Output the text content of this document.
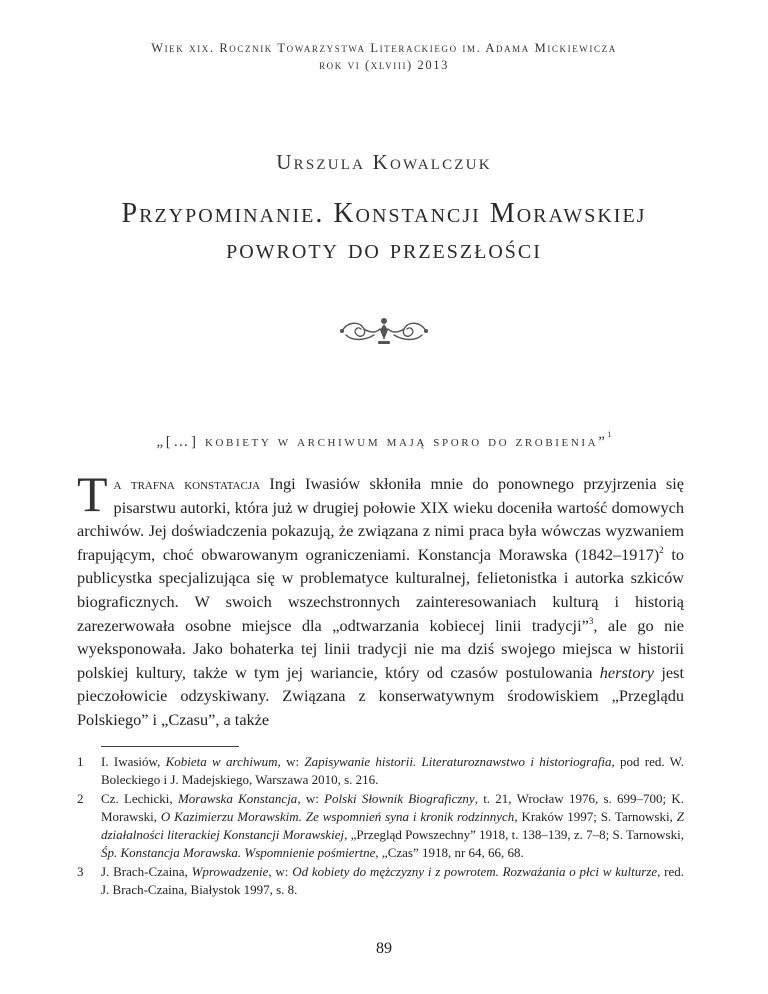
Wiek xix. Rocznik Towarzystwa Literackiego im. Adama Mickiewicza
rok vi (xlviii) 2013
Urszula Kowalczuk
Przypominanie. Konstancji Morawskiej
powroty do przeszłości
„[…] kobiety w archiwum mają sporo do zrobienia”$^1$

Ta trafna konstatacja Ingi Iwasiów skłoniła mnie do ponownego przyjrzenia się pisarstwu autorki, która już w drugiej połowie XIX wieku doceniła wartość domowych archiwów. Jej doświadczenia pokazują, że związana z nimi praca była wówczas wyzwaniem frapującym, choć obwarowanym ograniczeniami. Konstancja Morawska (1842–1917)$^2$ to publicystka specjalizująca się w problematyce kulturalnej, felietonistka i autorka szkiców biograficznych. W swoich wszechstronnych zainteresowaniach kulturą i historią zarezerwowała osobne miejsce dla „odtwarzania kobiecej linii tradycji”$^3$, ale go nie wyeksponowała. Jako bohaterka tej linii tradycji nie ma dziś swojego miejsca w historii polskiej kultury, także w tym jej wariancie, który od czasów postulowania herstory jest pieczołowicie odzyskiwany. Związana z konserwatywnym środowiskiem „Przeglądu Polskiego” i „Czasu”, a także

1	I. Iwasiów, Kobieta w archiwum, w: Zapisywanie historii. Literaturoznawstwo i historiografia, pod red. W. Boleckiego i J. Madejskiego, Warszawa 2010, s. 216.
2	Cz. Lechicki, Morawska Konstancja, w: Polski Słownik Biograficzny, t. 21, Wrocław 1976, s. 699–700; K. Morawski, O Kazimierzu Morawskim. Ze wspomnień syna i kronik rodzinnych, Kraków 1997; S. Tarnowski, Z działalności literackiej Konstancji Morawskiej, „Przegląd Powszechny” 1918, t. 138–139, z. 7–8; S. Tarnowski, Śp. Konstancja Morawska. Wspomnienie pośmiertne, „Czas” 1918, nr 64, 66, 68.
3	J. Brach-Czaina, Wprowadzenie, w: Od kobiety do mężczyzny i z powrotem. Rozważania o płci w kulturze, red. J. Brach-Czaina, Białystok 1997, s. 8.
89
